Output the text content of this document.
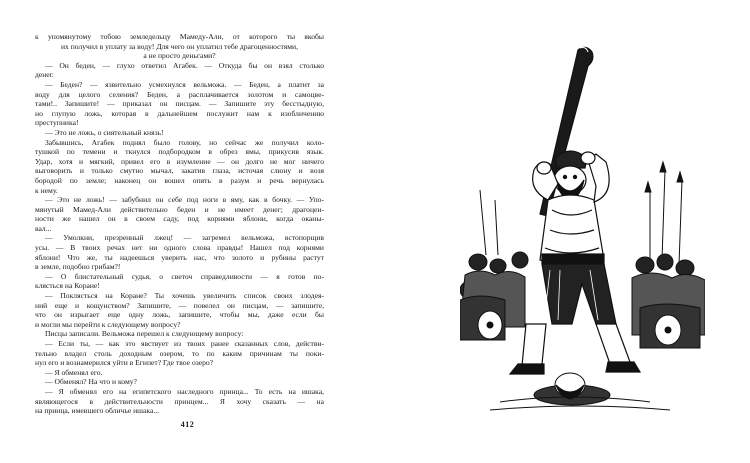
к упомянутому тобою земледельцу Мамеду-Али, от которого ты якобы
их получил в уплату за воду! Для чего он уплатил тебе драгоценностями,
а не просто деньгами?
— Он беден, — глухо ответил Агабек. — Откуда бы он взял столько
денег.
— Беден? — язвительно усмехнулся вельможа. — Беден, а платит за
воду для целого селения? Беден, а расплачивается золотом и самоцве-
тами!.. Запишите! — приказал он писцам. — Запишите эту бесстыдную,
но глупую ложь, которая в дальнейшем послужит нам к изобличению
преступника!
— Это не ложь, о сиятельный князь!
Забывшись, Агабек поднял было голову, но сейчас же получил коло-
тушкой по темени и ткнулся подбородком в обрез ямы, прикусив язык.
Удар, хотя и мягкий, привел его в изумление — он долго не мог ничего
выговорить и только смутно мычал, закатив глаза, источая слюну и возя
бородой по земле; наконец он вошел опять в разум и речь вернулась
к нему.
— Это не ложь! — забубнил он себе под ноги в яму, как в бочку. — Упо-
мянутый Мамед-Али действительно беден и не имеет денег; драгоцен-
ности же нашел он в своем саду, под корнями яблони, когда оканы-
вал...
— Умолкни, презренный лжец! — загремел вельможа, встопорщив
усы. — В твоих речах нет ни одного слова правды! Нашел под корнями
яблони! Что же, ты надеешься уверить нас, что золото и рубины растут
в земле, подобно грибам?!
— О блистательный судья, о светоч справедливости — я готов по-
клясться на Коране!
— Поклясться на Коране? Ты хочешь увеличить список своих злодея-
ний еще и кощунством? Запишите, — повелел он писцам, — запишите,
что он изрыгает еще одну ложь, запишите, чтобы мы, даже если бы
и могли мы перейти к следующему вопросу?
Писцы записали. Вельможа перешел к следующему вопросу:
— Если ты, — как это явствует из твоих ранее сказанных слов, действи-
тельно владел столь доходным озером, то по каким причинам ты поки-
нул его и вознамерился уйти в Египет? Где твое озеро?
— Я обменял его.
— Обменял? На что и кому?
— Я обменял его на египетского наследного принца... То есть на ишака,
являющегося в действительности принцем... Я хочу сказать — на
на принца, имевшего обличье ишака...
412
